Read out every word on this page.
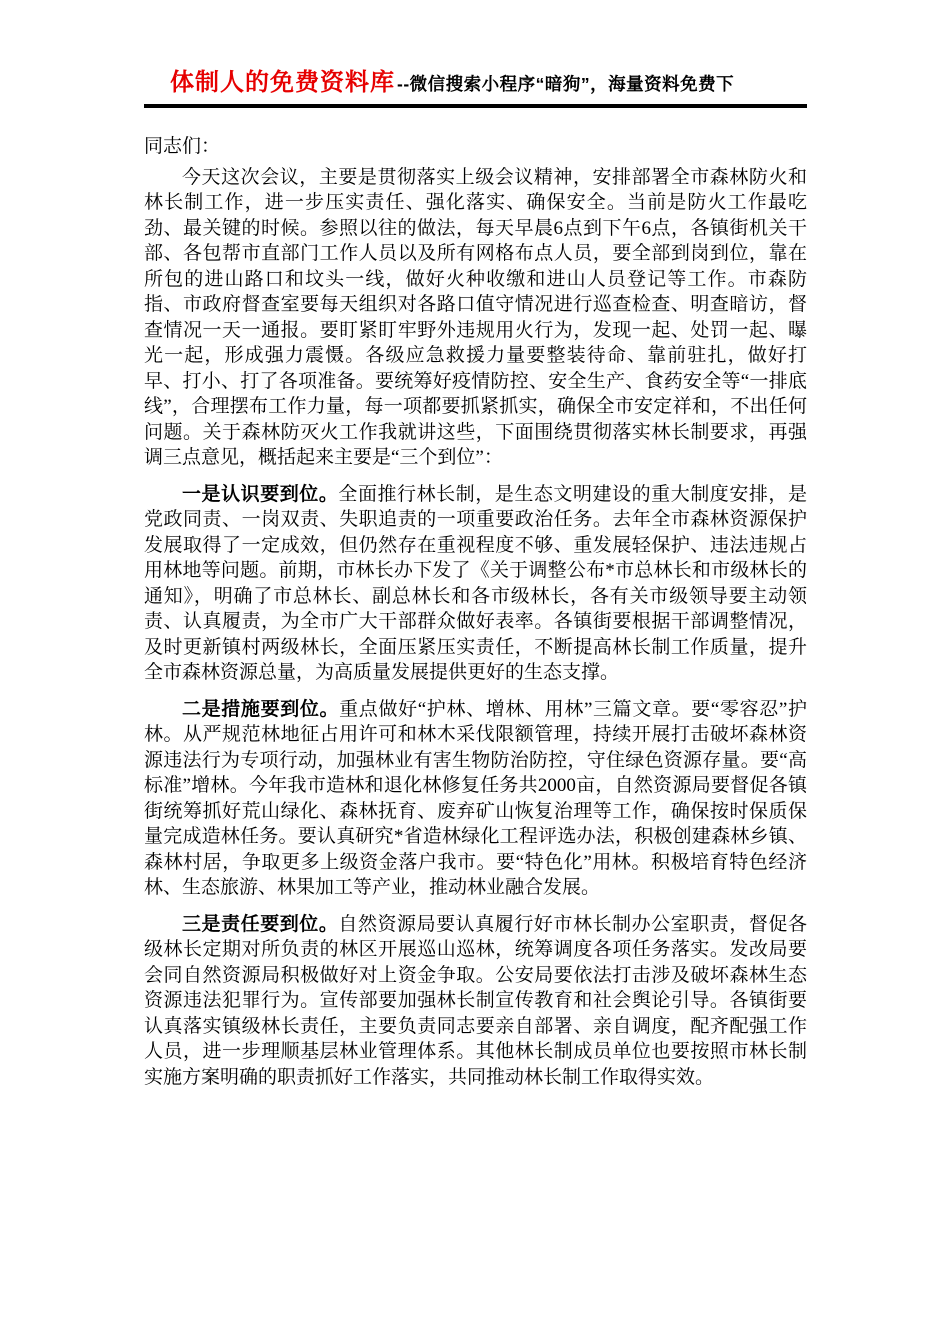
体制人的免费资料库 --微信搜索小程序“暗狗”，海量资料免费下

同志们：

今天这次会议，主要是贯彻落实上级会议精神，安排部署全市森林防火和林长制工作，进一步压实责任、强化落实、确保安全。当前是防火工作最吃劲、最关键的时候。参照以往的做法，每天早晨6点到下午6点，各镇街机关干部、各包帮市直部门工作人员以及所有网格布点人员，要全部到岗到位，靠在所包的进山路口和坟头一线，做好火种收缴和进山人员登记等工作。市森防指、市政府督查室要每天组织对各路口值守情况进行巡查检查、明查暗访，督查情况一天一通报。要盯紧盯牢野外违规用火行为，发现一起、处罚一起、曝光一起，形成强力震慑。各级应急救援力量要整装待命、靠前驻扎，做好打早、打小、打了各项准备。要统筹好疫情防控、安全生产、食药安全等“一排底线”，合理摆布工作力量，每一项都要抓紧抓实，确保全市安定祥和，不出任何问题。关于森林防灭火工作我就讲这些，下面围绕贯彻落实林长制要求，再强调三点意见，概括起来主要是“三个到位”：

一是认识要到位。全面推行林长制，是生态文明建设的重大制度安排，是党政同责、一岗双责、失职追责的一项重要政治任务。去年全市森林资源保护发展取得了一定成效，但仍然存在重视程度不够、重发展轻保护、违法违规占用林地等问题。前期，市林长办下发了《关于调整公布*市总林长和市级林长的通知》，明确了市总林长、副总林长和各市级林长，各有关市级领导要主动领责、认真履责，为全市广大干部群众做好表率。各镇街要根据干部调整情况，及时更新镇村两级林长，全面压紧压实责任，不断提高林长制工作质量，提升全市森林资源总量，为高质量发展提供更好的生态支撑。

二是措施要到位。重点做好“护林、增林、用林”三篇文章。要“零容忍”护林。从严规范林地征占用许可和林木采伐限额管理，持续开展打击破坏森林资源违法行为专项行动，加强林业有害生物防治防控，守住绿色资源存量。要“高标准”增林。今年我市造林和退化林修复任务共2000亩，自然资源局要督促各镇街统筹抓好荒山绿化、森林抚育、废弃矿山恢复治理等工作，确保按时保质保量完成造林任务。要认真研究*省造林绿化工程评选办法，积极创建森林乡镇、森林村居，争取更多上级资金落户我市。要“特色化”用林。积极培育特色经济林、生态旅游、林果加工等产业，推动林业融合发展。

三是责任要到位。自然资源局要认真履行好市林长制办公室职责，督促各级林长定期对所负责的林区开展巡山巡林，统筹调度各项任务落实。发改局要会同自然资源局积极做好对上资金争取。公安局要依法打击涉及破坏森林生态资源违法犯罪行为。宣传部要加强林长制宣传教育和社会舆论引导。各镇街要认真落实镇级林长责任，主要负责同志要亲自部署、亲自调度，配齐配强工作人员，进一步理顺基层林业管理体系。其他林长制成员单位也要按照市林长制实施方案明确的职责抓好工作落实，共同推动林长制工作取得实效。
